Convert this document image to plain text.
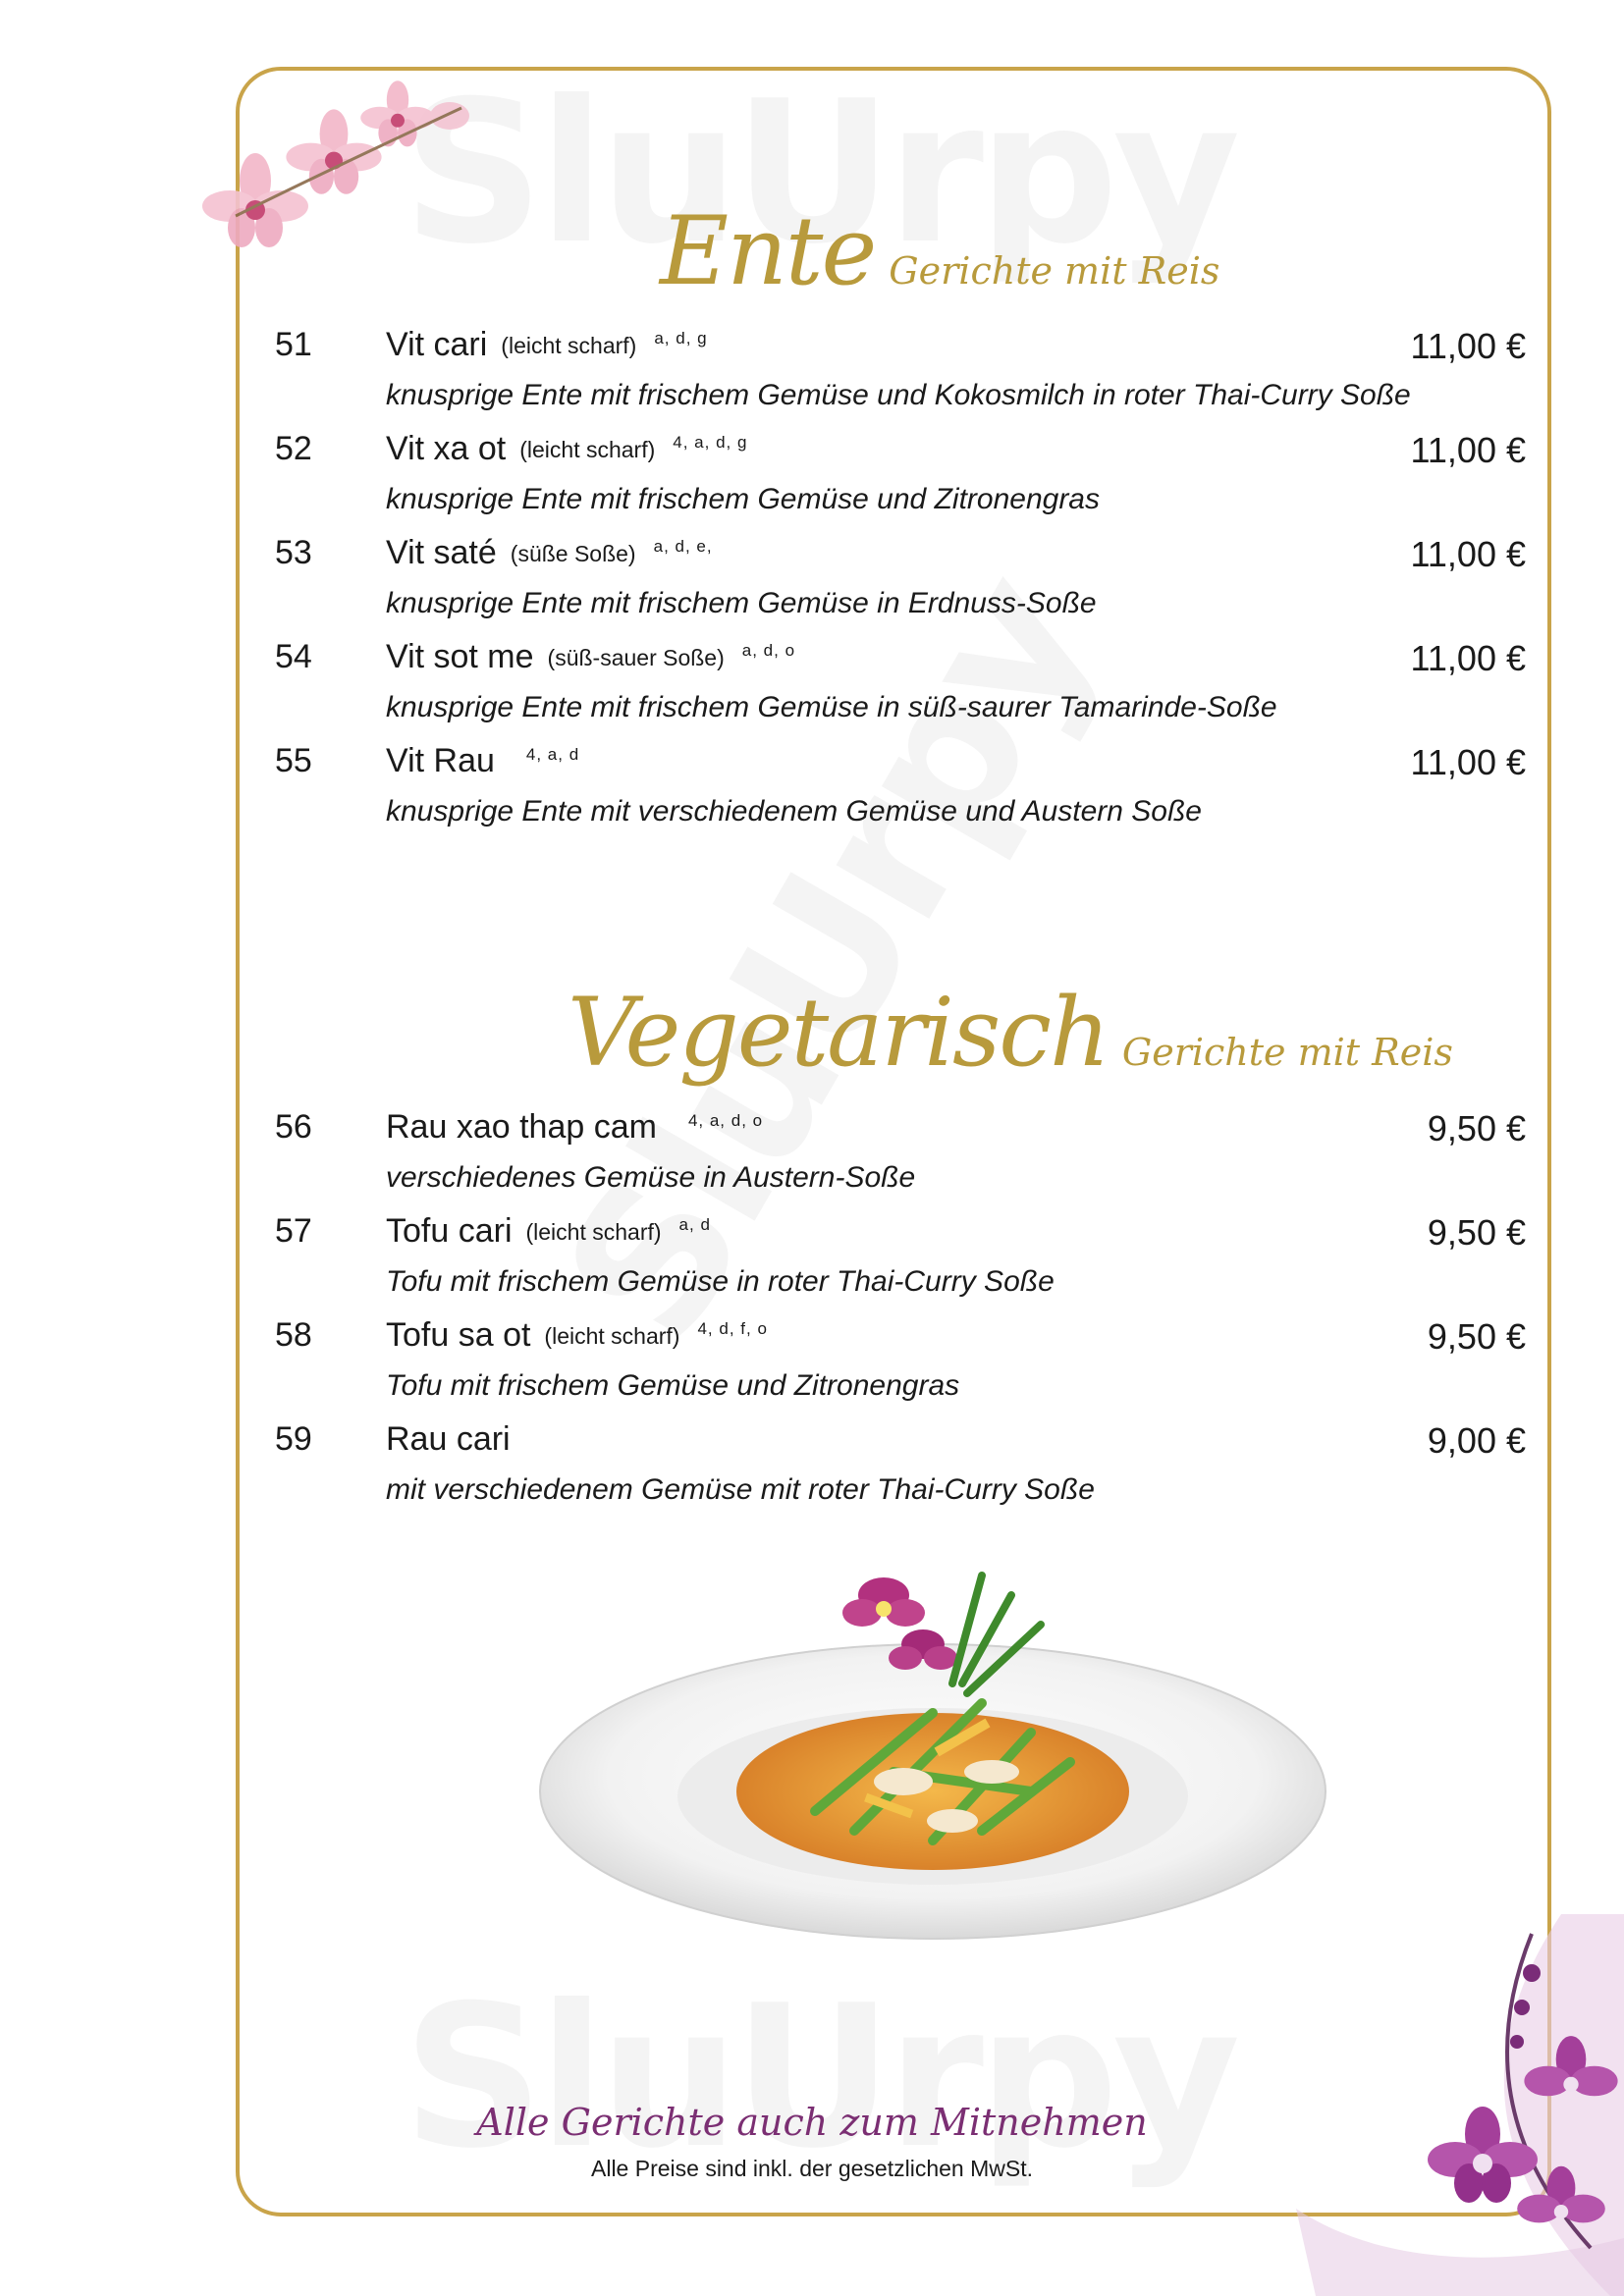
Ente Gerichte mit Reis
51 Vit cari (leicht scharf) $^{a, d, g}$	11,00 €
knusprige Ente mit frischem Gemüse und Kokosmilch in roter Thai-Curry Soße
52 Vit xa ot (leicht scharf) $^{4, a, d, g}$	11,00 €
knusprige Ente mit frischem Gemüse und Zitronengras
53 Vit saté (süße Soße) $^{a, d, e,}$	11,00 €
knusprige Ente mit frischem Gemüse in Erdnuss-Soße
54 Vit sot me (süß-sauer Soße) $^{a, d, o}$	11,00 €
knusprige Ente mit frischem Gemüse in süß-saurer Tamarinde-Soße
55 Vit Rau $^{4, a, d}$	11,00 €
knusprige Ente mit verschiedenem Gemüse und Austern Soße
Vegetarisch Gerichte mit Reis
56 Rau xao thap cam $^{4, a, d, o}$	9,50 €
verschiedenes Gemüse in Austern-Soße
57 Tofu cari (leicht scharf) $^{a, d}$	9,50 €
Tofu mit frischem Gemüse in roter Thai-Curry Soße
58 Tofu sa ot (leicht scharf) $^{4, d, f, o}$	9,50 €
Tofu mit frischem Gemüse und Zitronengras
59 Rau cari	9,00 €
mit verschiedenem Gemüse mit roter Thai-Curry Soße
Alle Gerichte auch zum Mitnehmen
Alle Preise sind inkl. der gesetzlichen MwSt.
